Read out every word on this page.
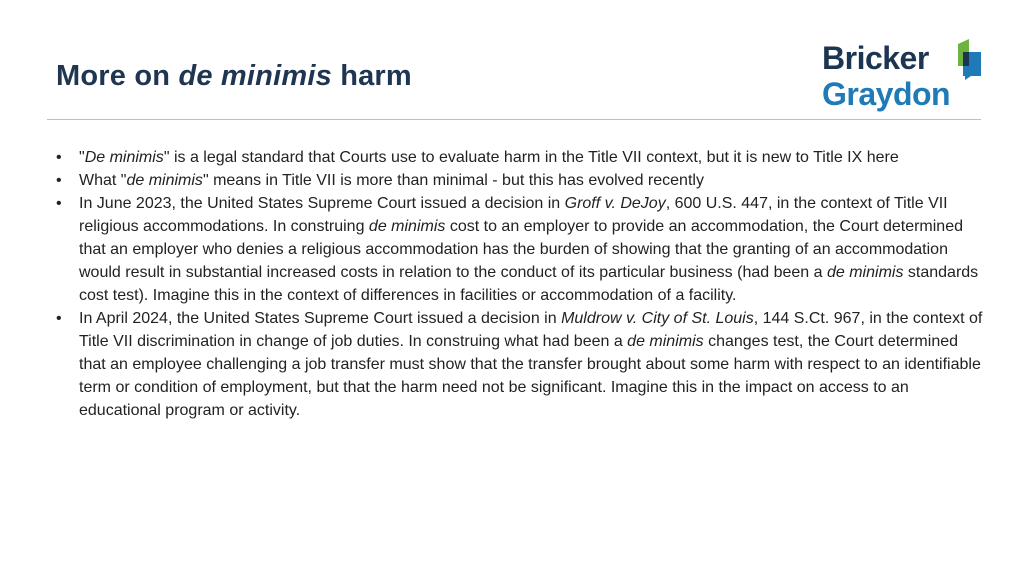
More on de minimis harm	Bricker
Graydon
• "De minimis" is a legal standard that Courts use to evaluate harm in the Title VII context, but it is new to Title IX here
• What "de minimis" means in Title VII is more than minimal - but this has evolved recently
• In June 2023, the United States Supreme Court issued a decision in Groff v. DeJoy, 600 U.S. 447, in the context of Title VII religious accommodations. In construing de minimis cost to an employer to provide an accommodation, the Court determined that an employer who denies a religious accommodation has the burden of showing that the granting of an accommodation would result in substantial increased costs in relation to the conduct of its particular business (had been a de minimis standards cost test). Imagine this in the context of differences in facilities or accommodation of a facility.
• In April 2024, the United States Supreme Court issued a decision in Muldrow v. City of St. Louis, 144 S.Ct. 967, in the context of Title VII discrimination in change of job duties. In construing what had been a de minimis changes test, the Court determined that an employee challenging a job transfer must show that the transfer brought about some harm with respect to an identifiable term or condition of employment, but that the harm need not be significant. Imagine this in the impact on access to an educational program or activity.
